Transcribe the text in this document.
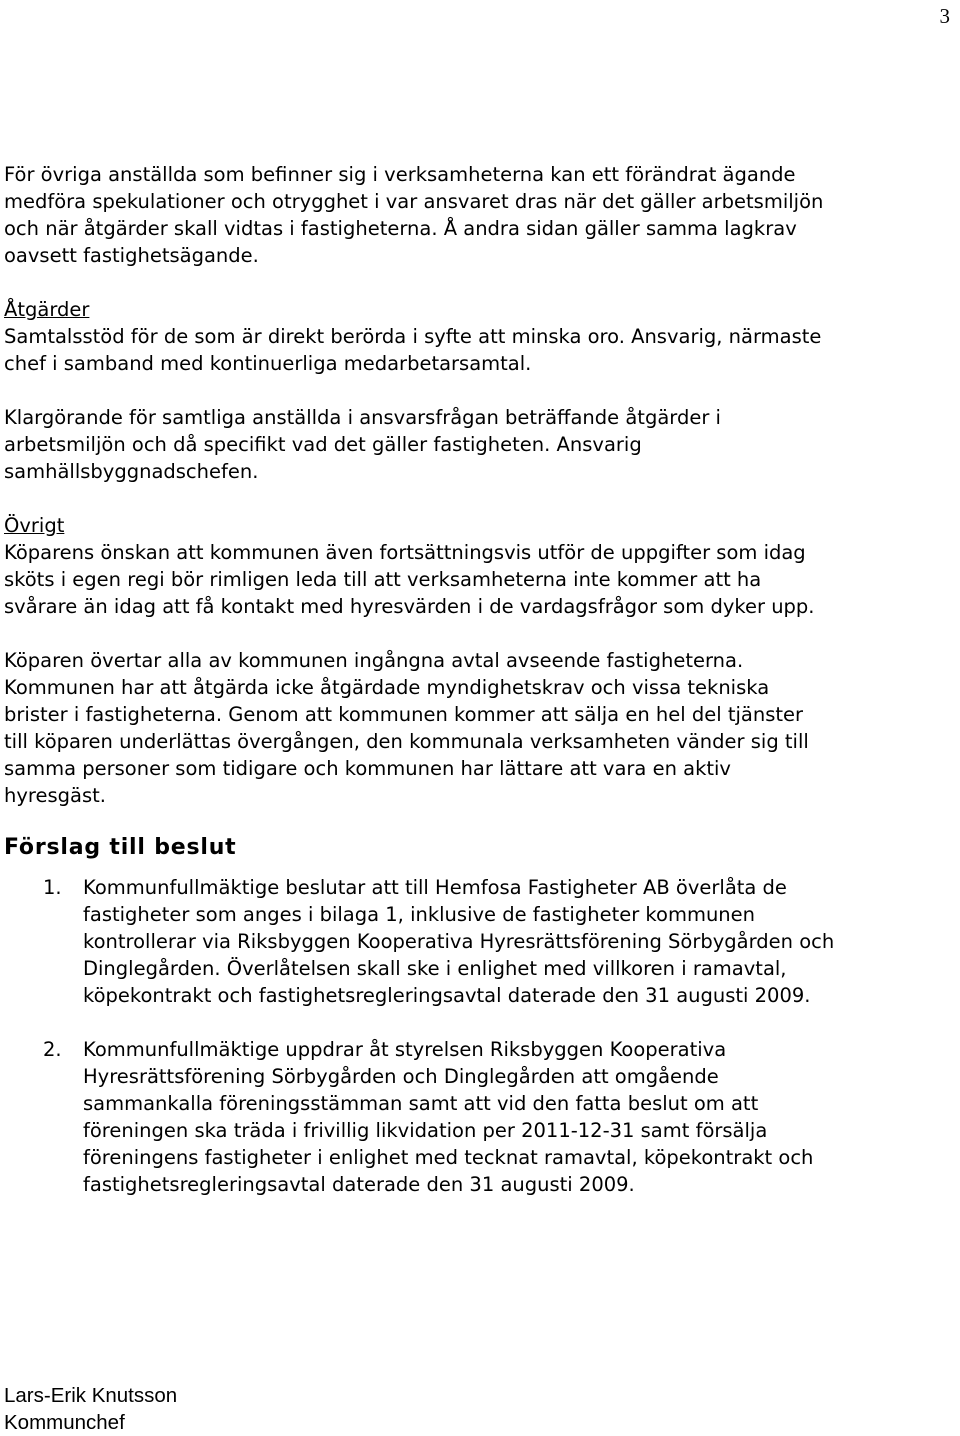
3

För övriga anställda som befinner sig i verksamheterna kan ett förändrat ägande
medföra spekulationer och otrygghet i var ansvaret dras när det gäller arbetsmiljön
och när åtgärder skall vidtas i fastigheterna. Å andra sidan gäller samma lagkrav
oavsett fastighetsägande.

Åtgärder

Samtalsstöd för de som är direkt berörda i syfte att minska oro. Ansvarig, närmaste
chef i samband med kontinuerliga medarbetarsamtal.

Klargörande för samtliga anställda i ansvarsfrågan beträffande åtgärder i
arbetsmiljön och då specifikt vad det gäller fastigheten. Ansvarig
samhällsbyggnadschefen.

Övrigt

Köparens önskan att kommunen även fortsättningsvis utför de uppgifter som idag
sköts i egen regi bör rimligen leda till att verksamheterna inte kommer att ha
svårare än idag att få kontakt med hyresvärden i de vardagsfrågor som dyker upp.

Köparen övertar alla av kommunen ingångna avtal avseende fastigheterna.
Kommunen har att åtgärda icke åtgärdade myndighetskrav och vissa tekniska
brister i fastigheterna. Genom att kommunen kommer att sälja en hel del tjänster
till köparen underlättas övergången, den kommunala verksamheten vänder sig till
samma personer som tidigare och kommunen har lättare att vara en aktiv
hyresgäst.

Förslag till beslut

1. Kommunfullmäktige beslutar att till Hemfosa Fastigheter AB överlåta de
fastigheter som anges i bilaga 1, inklusive de fastigheter kommunen
kontrollerar via Riksbyggen Kooperativa Hyresrättsförening Sörbygården och
Dinglegården. Överlåtelsen skall ske i enlighet med villkoren i ramavtal,
köpekontrakt och fastighetsregleringsavtal daterade den 31 augusti 2009.

2. Kommunfullmäktige uppdrar åt styrelsen Riksbyggen Kooperativa
Hyresrättsförening Sörbygården och Dinglegården att omgående
sammankalla föreningsstämman samt att vid den fatta beslut om att
föreningen ska träda i frivillig likvidation per 2011-12-31 samt försälja
föreningens fastigheter i enlighet med tecknat ramavtal, köpekontrakt och
fastighetsregleringsavtal daterade den 31 augusti 2009.

Lars-Erik Knutsson
Kommunchef
